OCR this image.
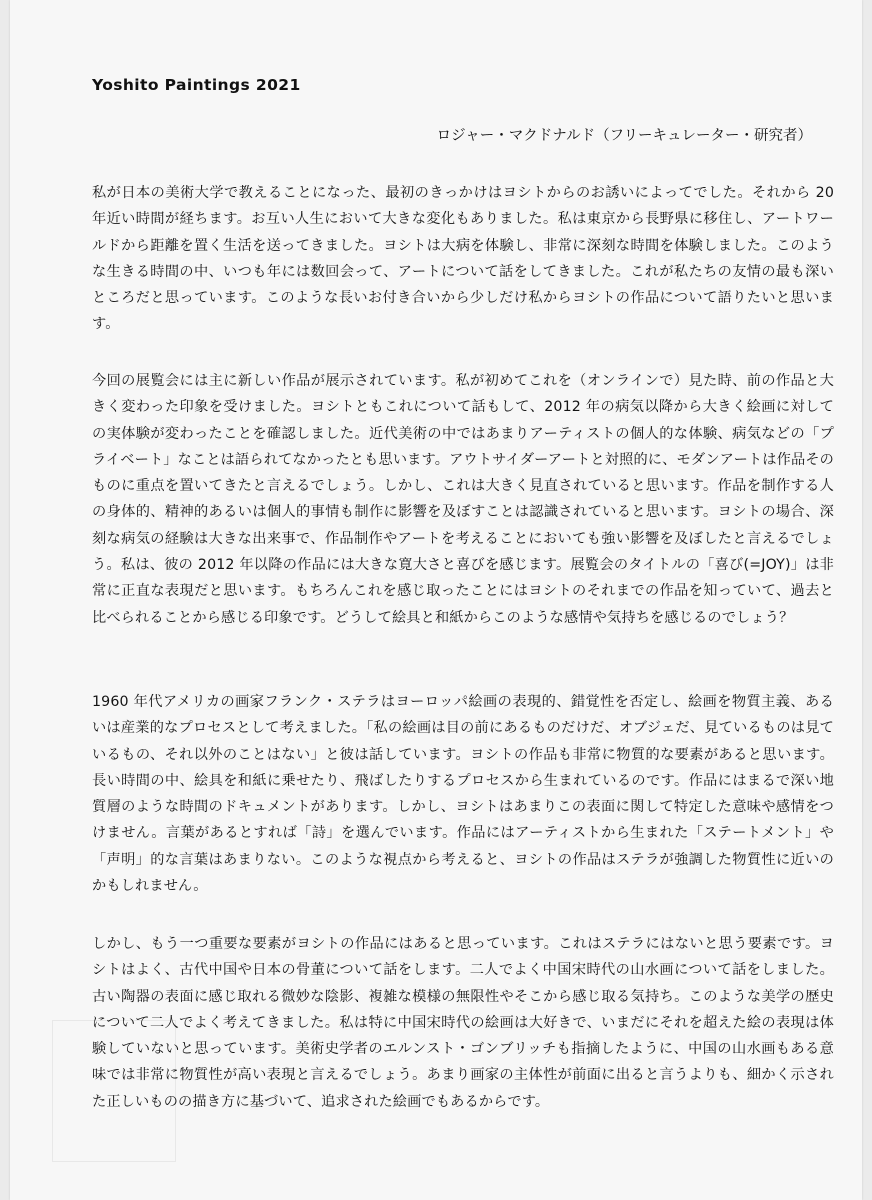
Yoshito Paintings 2021

ロジャー・マクドナルド（フリーキュレーター・研究者）

私が日本の美術大学で教えることになった、最初のきっかけはヨシトからのお誘いによってでした。それから 20 年近い時間が経ちます。お互い人生において大きな変化もありました。私は東京から長野県に移住し、アートワールドから距離を置く生活を送ってきました。ヨシトは大病を体験し、非常に深刻な時間を体験しました。このような生きる時間の中、いつも年には数回会って、アートについて話をしてきました。これが私たちの友情の最も深いところだと思っています。このような長いお付き合いから少しだけ私からヨシトの作品について語りたいと思います。

今回の展覧会には主に新しい作品が展示されています。私が初めてこれを（オンラインで）見た時、前の作品と大きく変わった印象を受けました。ヨシトともこれについて話もして、2012 年の病気以降から大きく絵画に対しての実体験が変わったことを確認しました。近代美術の中ではあまりアーティストの個人的な体験、病気などの「プライベート」なことは語られてなかったとも思います。アウトサイダーアートと対照的に、モダンアートは作品そのものに重点を置いてきたと言えるでしょう。しかし、これは大きく見直されていると思います。作品を制作する人の身体的、精神的あるいは個人的事情も制作に影響を及ぼすことは認識されていると思います。ヨシトの場合、深刻な病気の経験は大きな出来事で、作品制作やアートを考えることにおいても強い影響を及ぼしたと言えるでしょう。私は、彼の 2012 年以降の作品には大きな寛大さと喜びを感じます。展覧会のタイトルの「喜び(=JOY)」は非常に正直な表現だと思います。もちろんこれを感じ取ったことにはヨシトのそれまでの作品を知っていて、過去と比べられることから感じる印象です。どうして絵具と和紙からこのような感情や気持ちを感じるのでしょう？

1960 年代アメリカの画家フランク・ステラはヨーロッパ絵画の表現的、錯覚性を否定し、絵画を物質主義、あるいは産業的なプロセスとして考えました。「私の絵画は目の前にあるものだけだ、オブジェだ、見ているものは見ているもの、それ以外のことはない」と彼は話しています。ヨシトの作品も非常に物質的な要素があると思います。長い時間の中、絵具を和紙に乗せたり、飛ばしたりするプロセスから生まれているのです。作品にはまるで深い地質層のような時間のドキュメントがあります。しかし、ヨシトはあまりこの表面に関して特定した意味や感情をつけません。言葉があるとすれば「詩」を選んでいます。作品にはアーティストから生まれた「ステートメント」や「声明」的な言葉はあまりない。このような視点から考えると、ヨシトの作品はステラが強調した物質性に近いのかもしれません。

しかし、もう一つ重要な要素がヨシトの作品にはあると思っています。これはステラにはないと思う要素です。ヨシトはよく、古代中国や日本の骨董について話をします。二人でよく中国宋時代の山水画について話をしました。古い陶器の表面に感じ取れる微妙な陰影、複雑な模様の無限性やそこから感じ取る気持ち。このような美学の歴史について二人でよく考えてきました。私は特に中国宋時代の絵画は大好きで、いまだにそれを超えた絵の表現は体験していないと思っています。美術史学者のエルンスト・ゴンブリッチも指摘したように、中国の山水画もある意味では非常に物質性が高い表現と言えるでしょう。あまり画家の主体性が前面に出ると言うよりも、細かく示された正しいものの描き方に基づいて、追求された絵画でもあるからです。
